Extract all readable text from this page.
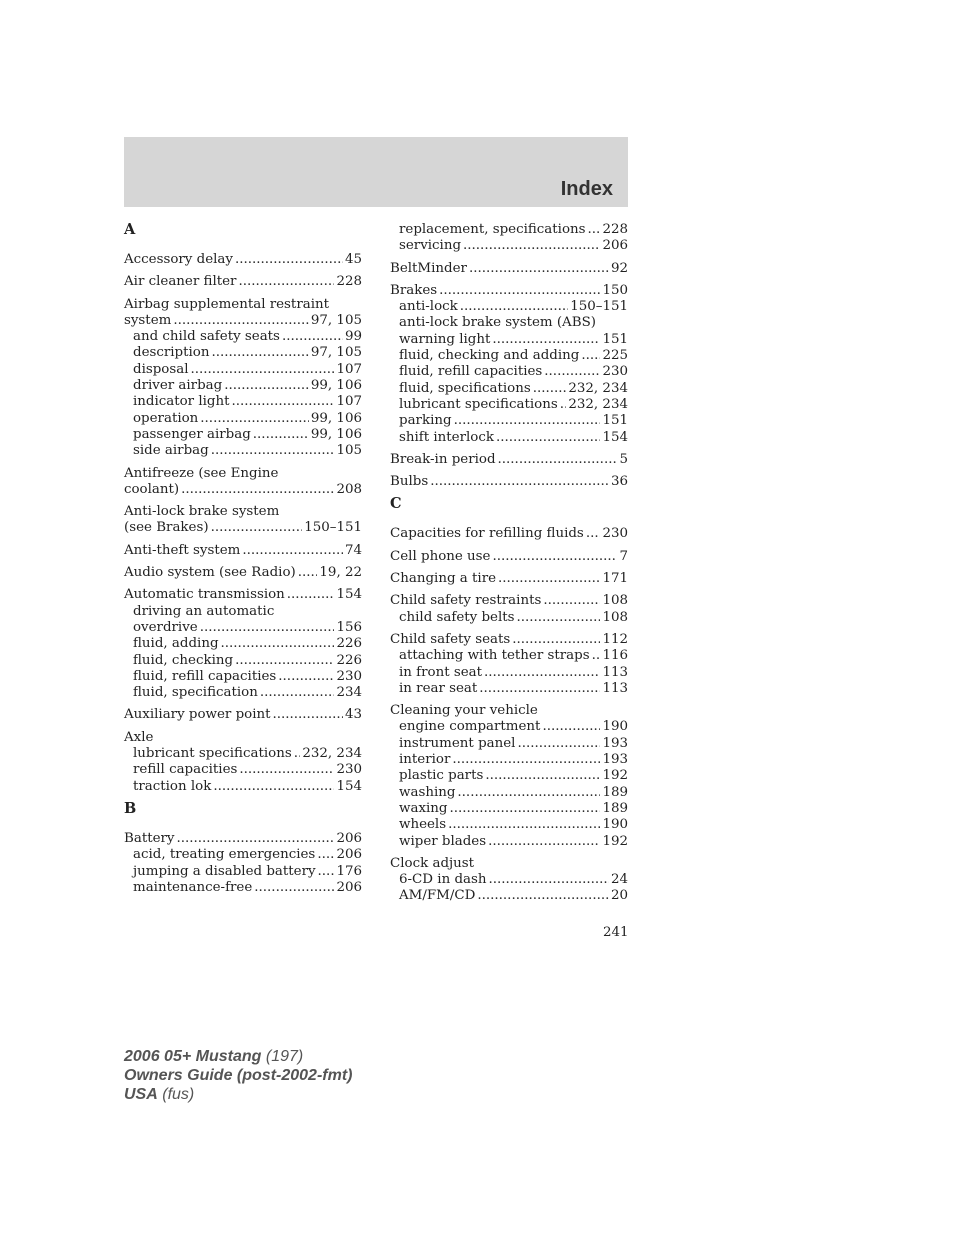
Index
A
Accessory delay .....	45
Air cleaner filter .....	228
Airbag supplemental restraint
system .....	97, 105
and child safety seats .....	99
description .....	97, 105
disposal .....	107
driver airbag .....	99, 106
indicator light .....	107
operation .....	99, 106
passenger airbag .....	99, 106
side airbag .....	105
Antifreeze (see Engine
coolant) .....	208
Anti-lock brake system
(see Brakes) .....	150–151
Anti-theft system .....	74
Audio system (see Radio) ..... 19, 22
Automatic transmission .....	154
driving an automatic
overdrive .....	156
fluid, adding .....	226
fluid, checking .....	226
fluid, refill capacities .....	230
fluid, specification .....	234
Auxiliary power point .....	43
Axle
lubricant specifications ..... 232, 234
refill capacities .....	230
traction lok .....	154
B
Battery .....	206
acid, treating emergencies ..... 206
jumping a disabled battery ..... 176
maintenance-free .....	206
replacement, specifications ..... 228
servicing .....	206
BeltMinder .....	92
Brakes .....	150
anti-lock .....	150–151
anti-lock brake system (ABS)
warning light .....	151
fluid, checking and adding ..... 225
fluid, refill capacities .....	230
fluid, specifications .....	232, 234
lubricant specifications ..... 232, 234
parking .....	151
shift interlock .....	154
Break-in period .....	5
Bulbs .....	36
C
Capacities for refilling fluids ..... 230
Cell phone use .....	7
Changing a tire .....	171
Child safety restraints .....	108
child safety belts .....	108
Child safety seats .....	112
attaching with tether straps ..... 116
in front seat .....	113
in rear seat .....	113
Cleaning your vehicle
engine compartment .....	190
instrument panel .....	193
interior .....	193
plastic parts .....	192
washing .....	189
waxing .....	189
wheels .....	190
wiper blades .....	192
Clock adjust
6-CD in dash .....	24
AM/FM/CD .....	20
241
2006 05+ Mustang (197)
Owners Guide (post-2002-fmt)
USA (fus)
